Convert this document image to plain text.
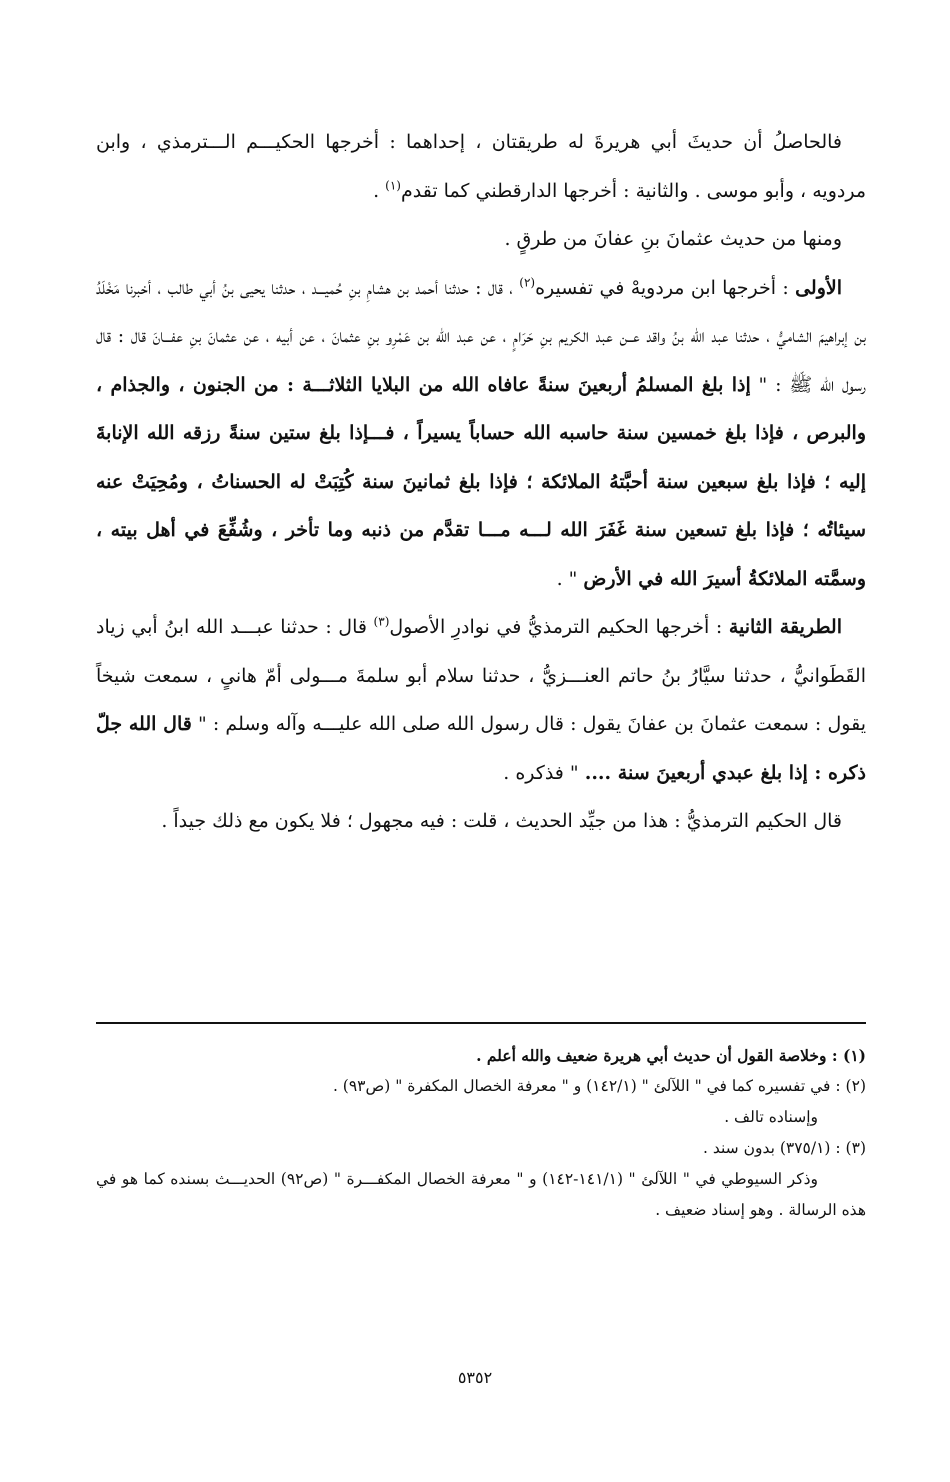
فالحاصلُ أن حديثَ أبي هريرةَ له طريقتان ، إحداهما : أخرجها الحكيـــم الـــترمذي ، وابن مردويه ، وأبو موسى . والثانية : أخرجها الدارقطني كما تقدم$^{(١)}$ .

ومنها من حديث عثمانَ بنِ عفانَ من طرقٍ .

الأولى : أخرجها ابن مردويهْ في تفسيره$^{(٢)}$ ، قال : حدثنا أحمد بن هشامِ بنِ حُميـــد ، حدثنا يحيى بنُ أبي طالب ، أخبرنا مَخْلَدُ بن إبراهيمَ الشاميُّ ، حدثنا عبد الله بنُ واقد عــن عبد الكريم بنِ حَرَامٍ ، عن عبد الله بن عَمْرِو بنِ عثمانَ ، عن أبيه ، عن عثمانَ بنِ عفـــانَ قال : قال رسول الله ﷺ : " إذا بلغ المسلمُ أربعينَ سنةً عافاه الله من البلايا الثلاثـــة : من الجنون ، والجذام ، والبرص ، فإذا بلغ خمسين سنة حاسبه الله حساباً يسيراً ، فـــإذا بلغ ستين سنةً رزقه الله الإنابةَ إليه ؛ فإذا بلغ سبعين سنة أحبَّتهُ الملائكة ؛ فإذا بلغ ثمانينَ سنة كُتِبَتْ له الحسناتُ ، ومُحِيَتْ عنه سيئاتُه ؛ فإذا بلغ تسعين سنة غَفَرَ الله لـــه مـــا تقدَّم من ذنبه وما تأخر ، وشُفِّعَ في أهل بيته ، وسمَّته الملائكةُ أسيرَ الله في الأرض " .

الطريقة الثانية : أخرجها الحكيم الترمذيُّ في نوادرِ الأصول$^{(٣)}$ قال : حدثنا عبـــد الله ابنُ أبي زياد القَطَوانيُّ ، حدثنا سيَّارُ بنُ حاتم العنـــزيُّ ، حدثنا سلام أبو سلمةَ مـــولى أمّ هانىٍ ، سمعت شيخاً يقول : سمعت عثمانَ بن عفانَ يقول : قال رسول الله صلى الله عليـــه وآله وسلم : " قال الله جلّ ذكره : إذا بلغ عبدي أربعينَ سنة .... " فذكره .

قال الحكيم الترمذيُّ : هذا من جيِّد الحديث ، قلت : فيه مجهول ؛ فلا يكون مع ذلك جيداً .

(١) : وخلاصة القول أن حديث أبي هريرة ضعيف والله أعلم .

(٢) : في تفسيره كما في " اللآلئ " (١٤٢/١) و " معرفة الخصال المكفرة " (ص٩٣) .

وإسناده تالف .

(٣) : (٣٧٥/١) بدون سند .

وذكر السيوطي في " اللآلئ " (١٤١/١-١٤٢) و " معرفة الخصال المكفـــرة " (ص٩٢) الحديـــث بسنده كما هو في هذه الرسالة . وهو إسناد ضعيف .

٥٣٥٢
